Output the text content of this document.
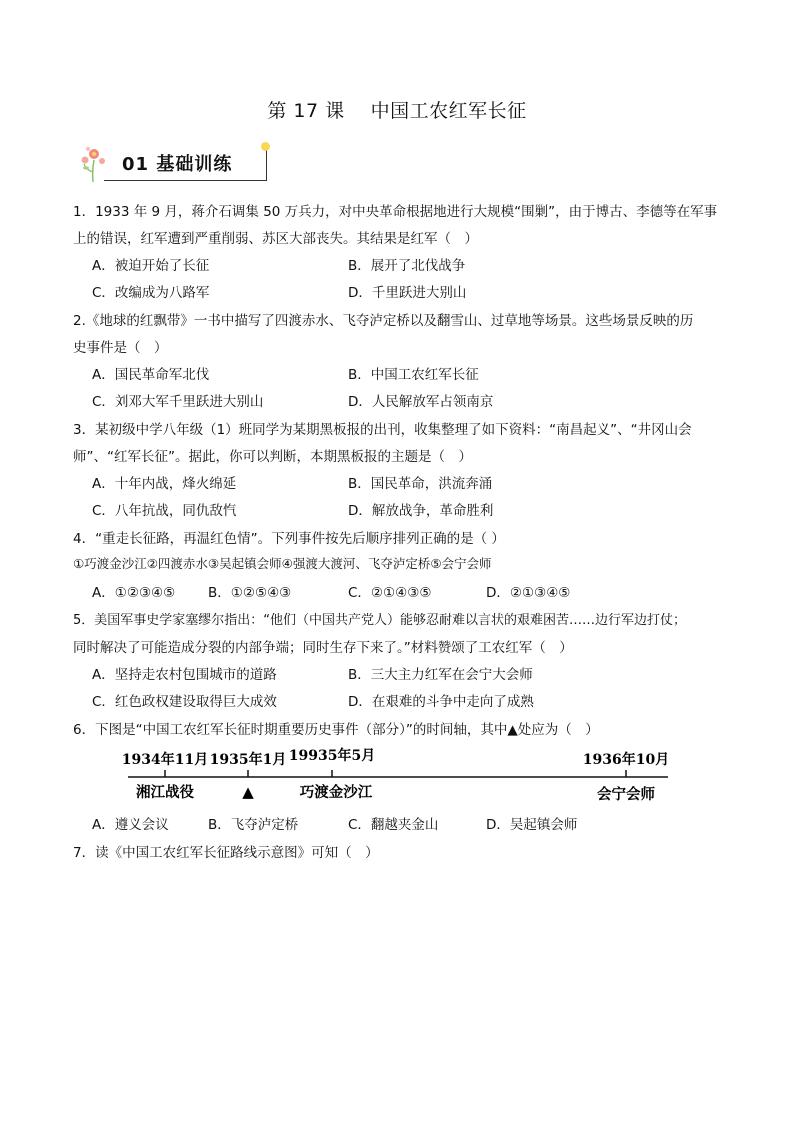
第 17 课　 中国工农红军长征
01 基础训练
1．1933 年 9 月，蒋介石调集 50 万兵力，对中央革命根据地进行大规模“围剿”，由于博古、李德等在军事
上的错误，红军遭到严重削弱、苏区大部丧失。其结果是红军（　）
A．被迫开始了长征	B．展开了北伐战争
C．改编成为八路军	D．千里跃进大别山
2.《地球的红飘带》一书中描写了四渡赤水、飞夺泸定桥以及翻雪山、过草地等场景。这些场景反映的历
史事件是（　）
A．国民革命军北伐	B．中国工农红军长征
C．刘邓大军千里跃进大别山	D．人民解放军占领南京
3．某初级中学八年级（1）班同学为某期黑板报的出刊，收集整理了如下资料：“南昌起义”、“井冈山会
师”、“红军长征”。据此，你可以判断，本期黑板报的主题是（　）
A．十年内战，烽火绵延	B．国民革命，洪流奔涌
C．八年抗战，同仇敌忾	D．解放战争，革命胜利
4．“重走长征路，再温红色情”。下列事件按先后顺序排列正确的是（ ）
①巧渡金沙江②四渡赤水③吴起镇会师④强渡大渡河、飞夺泸定桥⑤会宁会师
A．①②③④⑤ B．①②⑤④③	C．②①④③⑤	D．②①③④⑤
5．美国军事史学家塞缪尔指出：“他们（中国共产党人）能够忍耐难以言状的艰难困苦……边行军边打仗；
同时解决了可能造成分裂的内部争端；同时生存下来了。”材料赞颂了工农红军（　）
A．坚持走农村包围城市的道路	B．三大主力红军在会宁大会师
C．红色政权建设取得巨大成效	D．在艰难的斗争中走向了成熟
6．下图是“中国工农红军长征时期重要历史事件（部分）”的时间轴，其中▲处应为（　）
1934年11月 1935年1月 19935年5月	1936年10月
湘江战役	▲	巧渡金沙江	会宁会师
A．遵义会议	B．飞夺泸定桥	C．翻越夹金山	D．吴起镇会师
7．读《中国工农红军长征路线示意图》可知（　）
